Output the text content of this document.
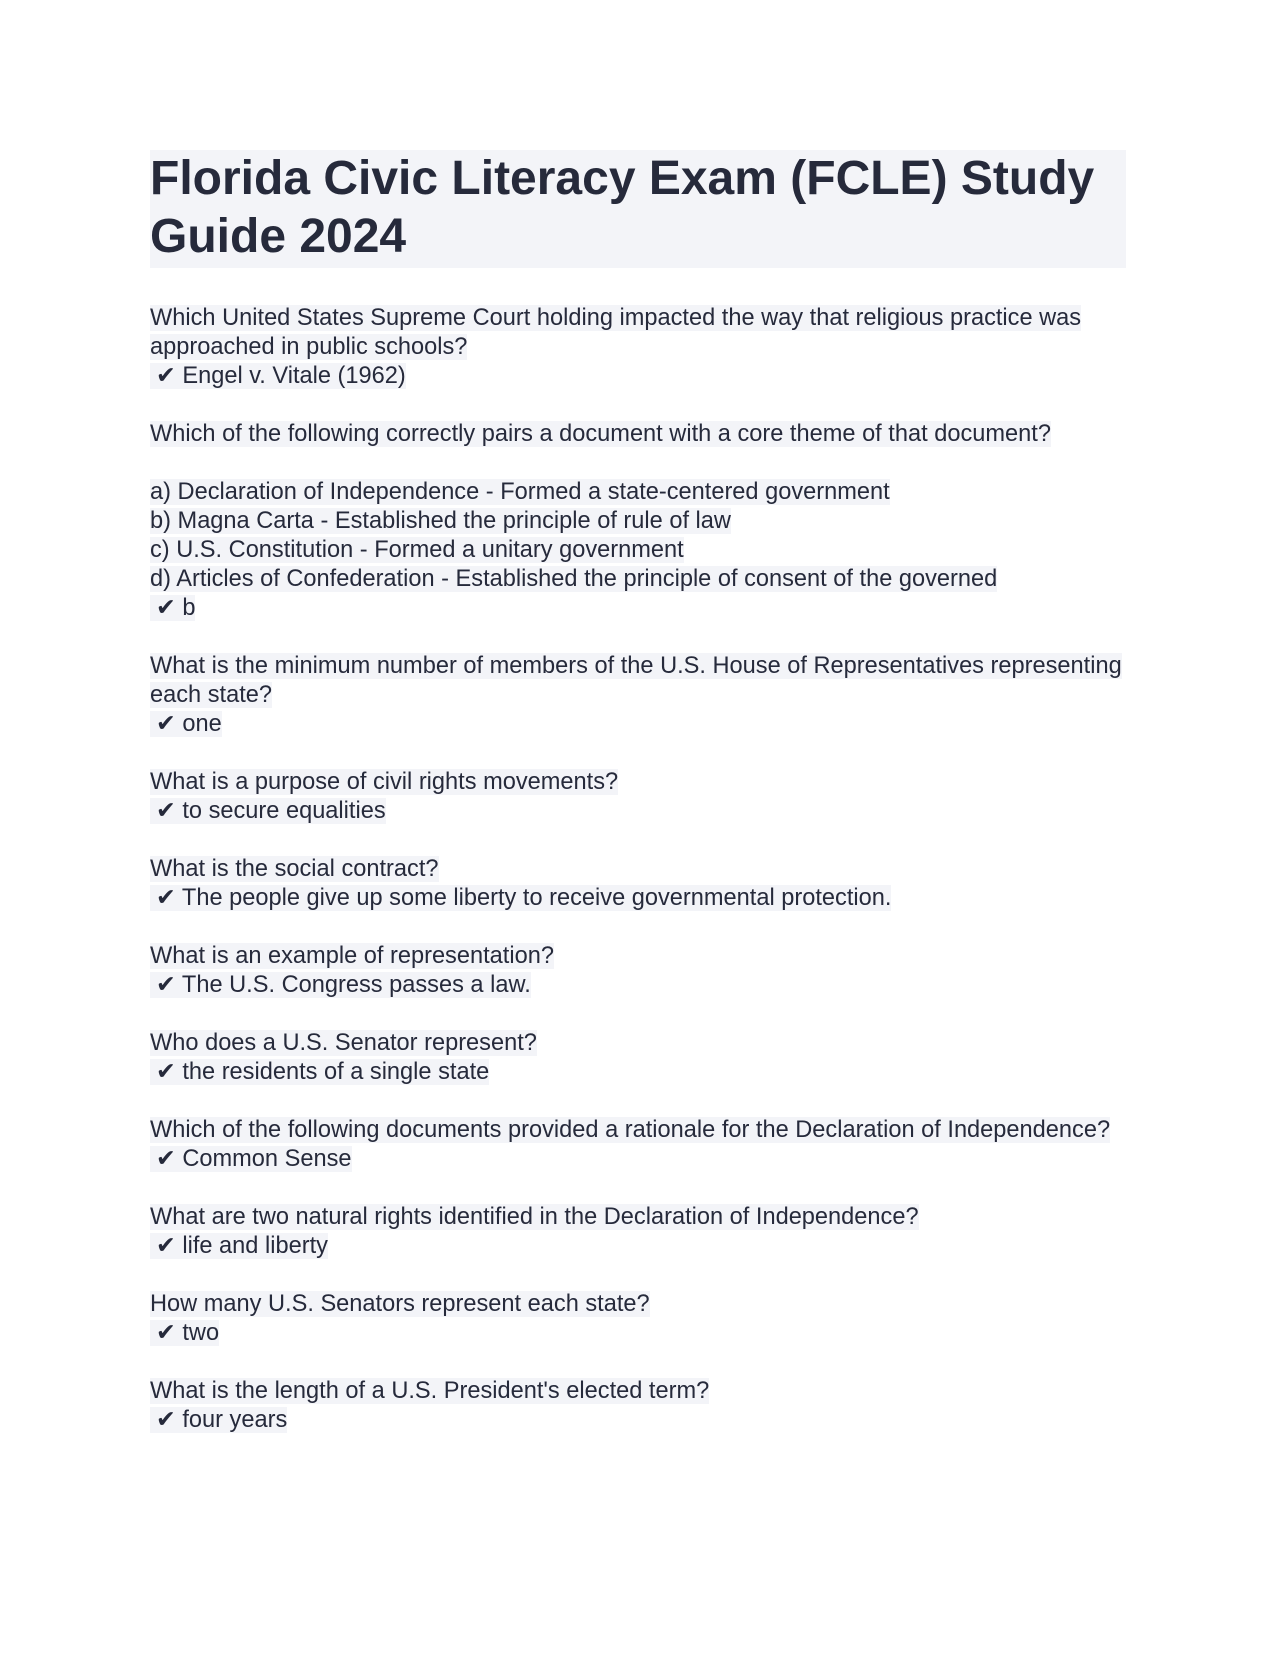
Florida Civic Literacy Exam (FCLE) Study Guide 2024
Which United States Supreme Court holding impacted the way that religious practice was approached in public schools?
✔ Engel v. Vitale (1962)
Which of the following correctly pairs a document with a core theme of that document?
a) Declaration of Independence - Formed a state-centered government
b) Magna Carta - Established the principle of rule of law
c) U.S. Constitution - Formed a unitary government
d) Articles of Confederation - Established the principle of consent of the governed
✔ b
What is the minimum number of members of the U.S. House of Representatives representing each state?
✔ one
What is a purpose of civil rights movements?
✔ to secure equalities
What is the social contract?
✔ The people give up some liberty to receive governmental protection.
What is an example of representation?
✔ The U.S. Congress passes a law.
Who does a U.S. Senator represent?
✔ the residents of a single state
Which of the following documents provided a rationale for the Declaration of Independence?
✔ Common Sense
What are two natural rights identified in the Declaration of Independence?
✔ life and liberty
How many U.S. Senators represent each state?
✔ two
What is the length of a U.S. President's elected term?
✔ four years
